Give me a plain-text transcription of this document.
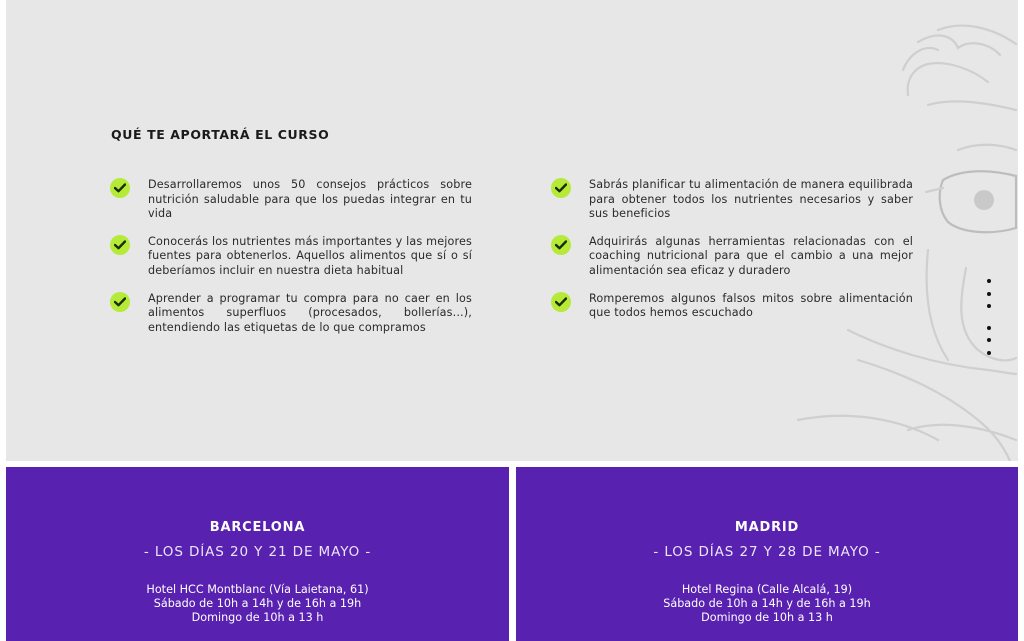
QUÉ TE APORTARÁ EL CURSO

Desarrollaremos unos 50 consejos prácticos sobre nutrición saludable para que los puedas integrar en tu vida

Conocerás los nutrientes más importantes y las mejores fuentes para obtenerlos. Aquellos alimentos que sí o sí deberíamos incluir en nuestra dieta habitual

Aprender a programar tu compra para no caer en los alimentos superfluos (procesados, bollerías...), entendiendo las etiquetas de lo que compramos

Sabrás planificar tu alimentación de manera equilibrada para obtener todos los nutrientes necesarios y saber sus beneficios

Adquirirás algunas herramientas relacionadas con el coaching nutricional para que el cambio a una mejor alimentación sea eficaz y duradero

Romperemos algunos falsos mitos sobre alimentación que todos hemos escuchado

BARCELONA
- LOS DÍAS 20 Y 21 DE MAYO -
Hotel HCC Montblanc (Vía Laietana, 61)
Sábado de 10h a 14h y de 16h a 19h
Domingo de 10h a 13 h
MADRID
- LOS DÍAS 27 Y 28 DE MAYO -
Hotel Regina (Calle Alcalá, 19)
Sábado de 10h a 14h y de 16h a 19h
Domingo de 10h a 13 h
